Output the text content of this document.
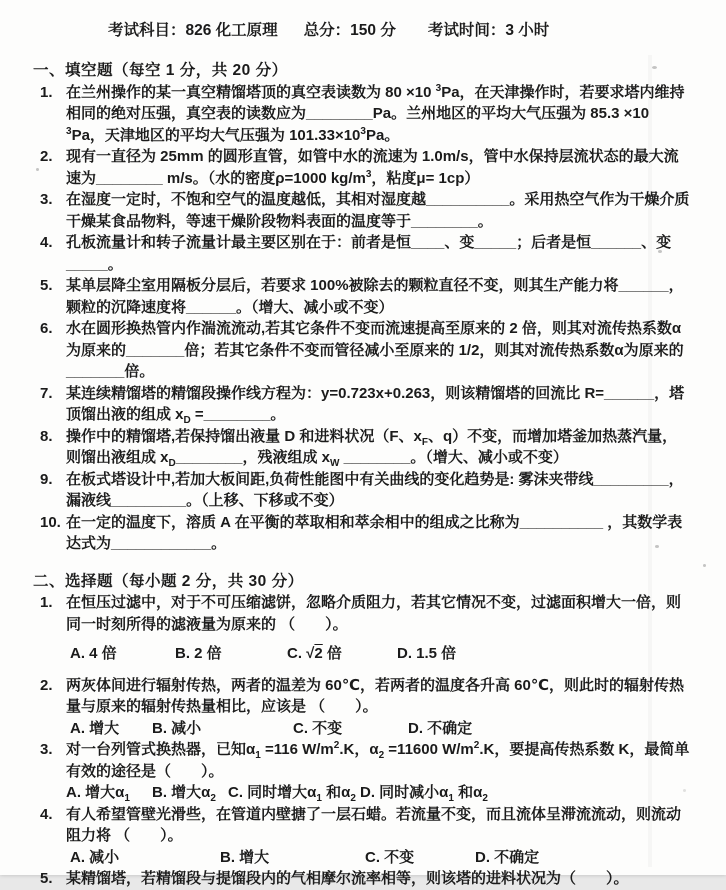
考试科目：826 化工原理 总分：150 分 考试时间：3 小时
一、填空题（每空 1 分，共 20 分）
1. 在兰州操作的某一真空精馏塔顶的真空表读数为 80 ×10 $^3$Pa，在天津操作时，若要求塔内维持相同的绝对压强，真空表的读数应为________Pa。兰州地区的平均大气压强为 85.3 ×10 $^3$Pa，天津地区的平均大气压强为 $101.33\times 10^3Pa$。
2. 现有一直径为 25mm 的圆形直管，如管中水的流速为 1.0m/s，管中水保持层流状态的最大流速为________ m/s。（水的密度ρ=1000 $kg/m^3$，粘度μ= 1cp）
3. 在湿度一定时，不饱和空气的温度越低，其相对湿度越__________。采用热空气作为干燥介质干燥某食品物料，等速干燥阶段物料表面的温度等于________。
4. 孔板流量计和转子流量计最主要区别在于：前者是恒____、变_____；后者是恒______、变_____。
5. 某单层降尘室用隔板分层后，若要求 100%被除去的颗粒直径不变，则其生产能力将______，颗粒的沉降速度将______。（增大、减小或不变）
6. 水在圆形换热管内作湍流流动,若其它条件不变而流速提高至原来的 2 倍，则其对流传热系数α为原来的_______倍；若其它条件不变而管径减小至原来的 1/2，则其对流传热系数α为原来的_______倍。
7. 某连续精馏塔的精馏段操作线方程为：y=0.723x+0.263，则该精馏塔的回流比 R=______，塔顶馏出液的组成 $x_D$ =________。
8. 操作中的精馏塔,若保持馏出液量 D 和进料状况（F、$x_F$、q）不变，而增加塔釜加热蒸汽量，则馏出液组成 $x_D\_\_\_\_\_\_\_\_$，残液组成 $x_W$ ________。（增大、减小或不变）
9. 在板式塔设计中,若加大板间距,负荷性能图中有关曲线的变化趋势是: 雾沫夹带线_________，漏液线_________。（上移、下移或不变）
10. 在一定的温度下，溶质 A 在平衡的萃取相和萃余相中的组成之比称为__________ ，其数学表达式为____________。
二、选择题（每小题 2 分，共 30 分）
1. 在恒压过滤中，对于不可压缩滤饼，忽略介质阻力，若其它情况不变，过滤面积增大一倍，则同一时刻所得的滤液量为原来的 （　　）。
A. 4 倍	B. 2 倍	C. √2 倍	D. 1.5 倍
2. 两灰体间进行辐射传热，两者的温差为 60℃，若两者的温度各升高 60℃，则此时的辐射传热量与原来的辐射传热量相比，应该是 （　　）。
A. 增大	B. 减小	C. 不变	D. 不确定
3. 对一台列管式换热器，已知$\alpha_1 =116$ $W/m^2.K$，$\alpha_2 =11600$ $W/m^2.K$，要提高传热系数 K，最简单有效的途径是（　　）。
A. 增大$\alpha_1$	B. 增大$\alpha_2$ C. 同时增大$\alpha_1$ 和$\alpha_2$ D. 同时减小$\alpha_1$ 和$\alpha_2$
4. 有人希望管壁光滑些，在管道内壁搪了一层石蜡。若流量不变，而且流体呈滞流流动，则流动阻力将 （　　）。
A. 减小	B. 增大	C. 不变	D. 不确定
5. 某精馏塔，若精馏段与提馏段内的气相摩尔流率相等，则该塔的进料状况为（　　）。
